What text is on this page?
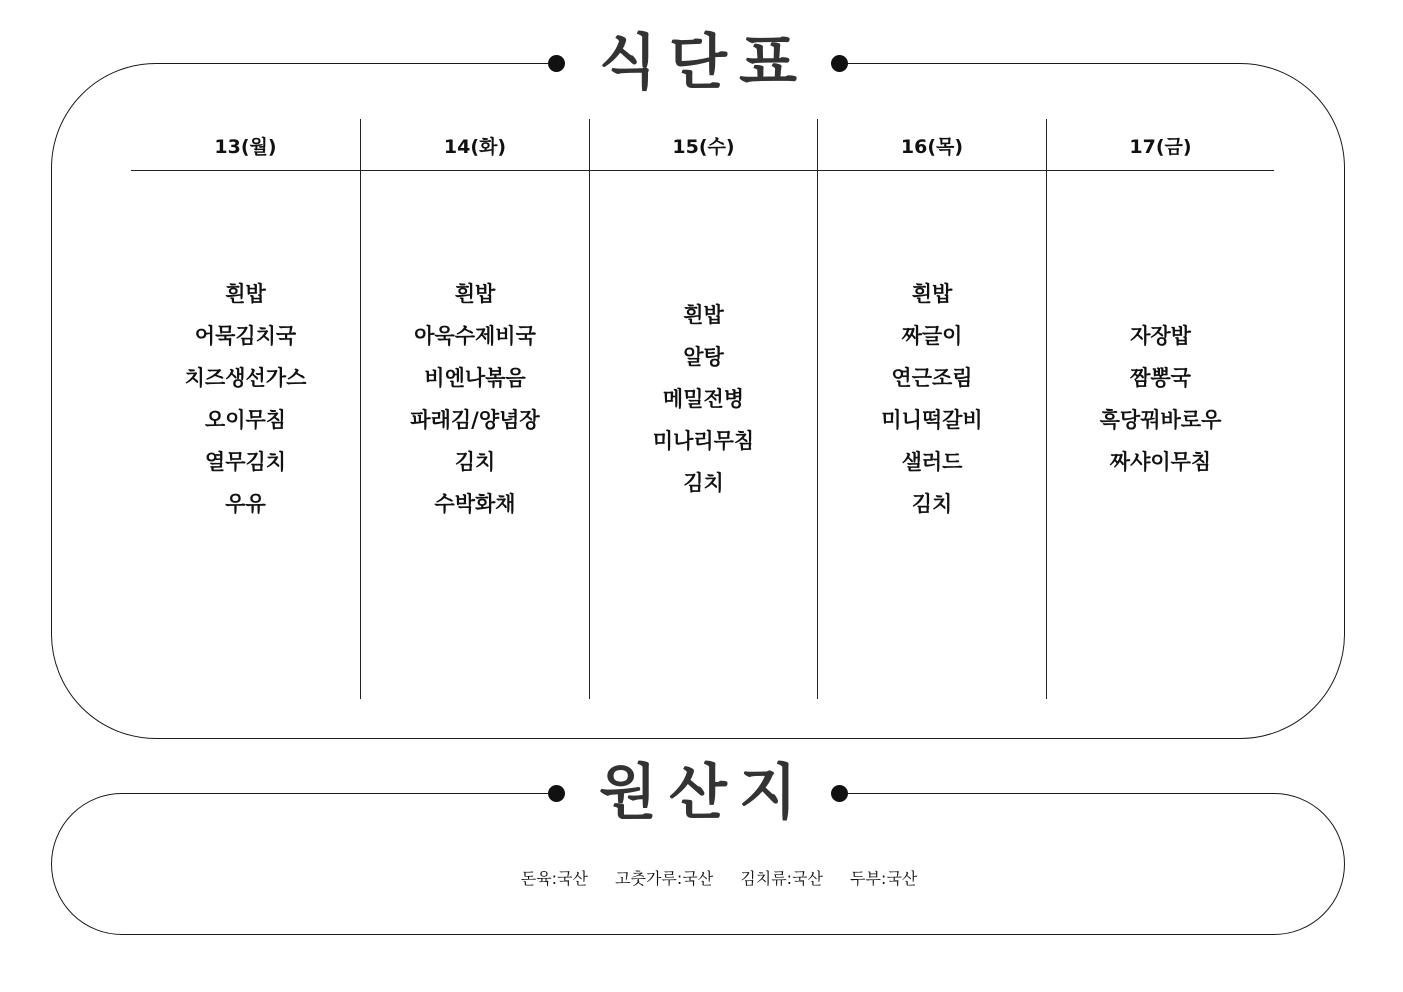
식단표
13(월)
흰밥
어묵김치국
치즈생선가스
오이무침
열무김치
우유
14(화)
흰밥
아욱수제비국
비엔나볶음
파래김/양념장
김치
수박화채
15(수)
흰밥
알탕
메밀전병
미나리무침
김치
16(목)
흰밥
짜글이
연근조림
미니떡갈비
샐러드
김치
17(금)
자장밥
짬뽕국
흑당꿔바로우
짜샤이무침
원산지
돈육:국산 고춧가루:국산 김치류:국산 두부:국산
